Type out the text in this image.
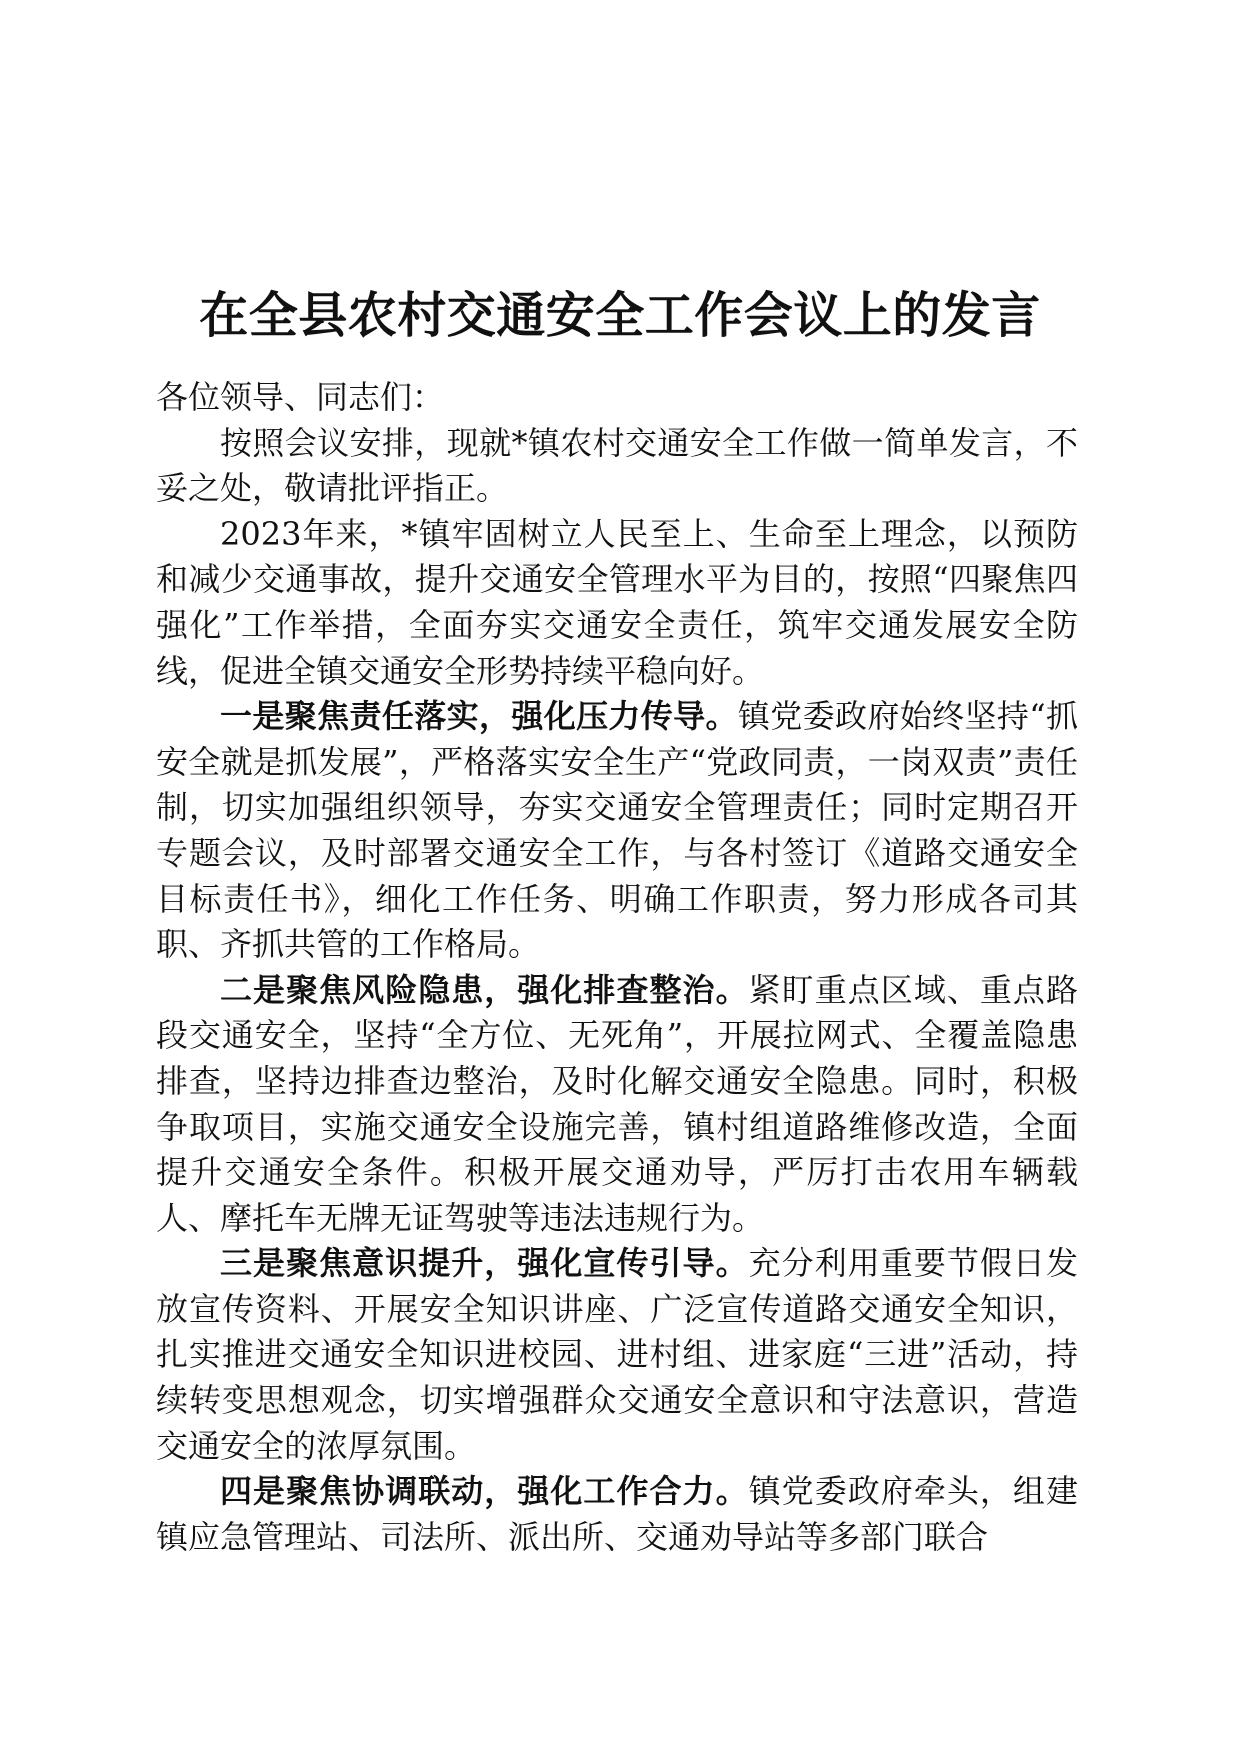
在全县农村交通安全工作会议上的发言

各位领导、同志们：

按照会议安排，现就*镇农村交通安全工作做一简单发言，不妥之处，敬请批评指正。

2023年来，*镇牢固树立人民至上、生命至上理念，以预防和减少交通事故，提升交通安全管理水平为目的，按照“四聚焦四强化”工作举措，全面夯实交通安全责任，筑牢交通发展安全防线，促进全镇交通安全形势持续平稳向好。

一是聚焦责任落实，强化压力传导。镇党委政府始终坚持“抓安全就是抓发展”，严格落实安全生产“党政同责，一岗双责”责任制，切实加强组织领导，夯实交通安全管理责任；同时定期召开专题会议，及时部署交通安全工作，与各村签订《道路交通安全目标责任书》，细化工作任务、明确工作职责，努力形成各司其职、齐抓共管的工作格局。

二是聚焦风险隐患，强化排查整治。紧盯重点区域、重点路段交通安全，坚持“全方位、无死角”，开展拉网式、全覆盖隐患排查，坚持边排查边整治，及时化解交通安全隐患。同时，积极争取项目，实施交通安全设施完善，镇村组道路维修改造，全面提升交通安全条件。积极开展交通劝导，严厉打击农用车辆载人、摩托车无牌无证驾驶等违法违规行为。

三是聚焦意识提升，强化宣传引导。充分利用重要节假日发放宣传资料、开展安全知识讲座、广泛宣传道路交通安全知识，扎实推进交通安全知识进校园、进村组、进家庭“三进”活动，持续转变思想观念，切实增强群众交通安全意识和守法意识，营造交通安全的浓厚氛围。

四是聚焦协调联动，强化工作合力。镇党委政府牵头，组建镇应急管理站、司法所、派出所、交通劝导站等多部门联合
